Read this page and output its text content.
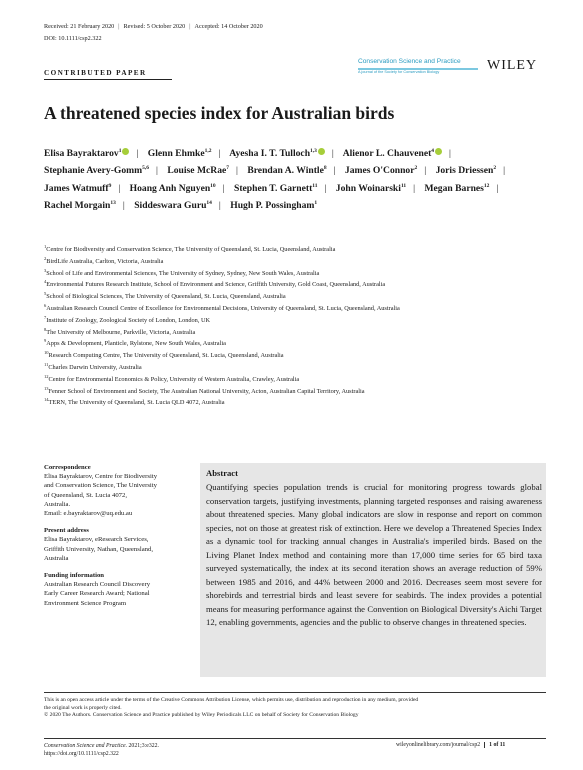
Received: 21 February 2020 | Revised: 5 October 2020 | Accepted: 14 October 2020
DOI: 10.1111/csp2.322
CONTRIBUTED PAPER
Conservation Science and Practice
A journal of the Society for Conservation Biology	WILEY
A threatened species index for Australian birds
Elisa Bayraktarov$^1$ | Glenn Ehmke$^{1,2}$ | Ayesha I. T. Tulloch$^{1,3}$ | Alienor L. Chauvenet$^4$ | Stephanie Avery-Gomm$^{5,6}$ | Louise McRae$^7$ | Brendan A. Wintle$^8$ | James O'Connor$^2$ | Joris Driessen$^2$ | James Watmuff$^9$ | Hoang Anh Nguyen$^{10}$ | Stephen T. Garnett$^{11}$ | John Woinarski$^{11}$ | Megan Barnes$^{12}$ | Rachel Morgain$^{13}$ | Siddeswara Guru$^{14}$ | Hugh P. Possingham$^1$
$^1$Centre for Biodiversity and Conservation Science, The University of Queensland, St. Lucia, Queensland, Australia
$^2$BirdLife Australia, Carlton, Victoria, Australia
$^3$School of Life and Environmental Sciences, The University of Sydney, Sydney, New South Wales, Australia
$^4$Environmental Futures Research Institute, School of Environment and Science, Griffith University, Gold Coast, Queensland, Australia
$^5$School of Biological Sciences, The University of Queensland, St. Lucia, Queensland, Australia
$^6$Australian Research Council Centre of Excellence for Environmental Decisions, University of Queensland, St. Lucia, Queensland, Australia
$^7$Institute of Zoology, Zoological Society of London, London, UK
$^8$The University of Melbourne, Parkville, Victoria, Australia
$^9$Apps & Development, Planticle, Rylstone, New South Wales, Australia
$^{10}$Research Computing Centre, The University of Queensland, St. Lucia, Queensland, Australia
$^{11}$Charles Darwin University, Australia
$^{12}$Centre for Environmental Economics & Policy, University of Western Australia, Crawley, Australia
$^{13}$Fenner School of Environment and Society, The Australian National University, Acton, Australian Capital Territory, Australia
$^{14}$TERN, The University of Queensland, St. Lucia QLD 4072, Australia
Correspondence
Elisa Bayraktarov, Centre for Biodiversity
and Conservation Science, The University
of Queensland, St. Lucia 4072,
Australia.
Email: e.bayraktarov@uq.edu.au
Present address
Elisa Bayraktarov, eResearch Services,
Griffith University, Nathan, Queensland,
Australia
Funding information
Australian Research Council Discovery
Early Career Research Award; National
Environment Science Program
Abstract
Quantifying species population trends is crucial for monitoring progress towards global conservation targets, justifying investments, planning targeted responses and raising awareness about threatened species. Many global indicators are slow in response and report on common species, not on those at greatest risk of extinction. Here we develop a Threatened Species Index as a dynamic tool for tracking annual changes in Australia's imperiled birds. Based on the Living Planet Index method and containing more than 17,000 time series for 65 bird taxa surveyed systematically, the index at its second iteration shows an average reduction of 59% between 1985 and 2016, and 44% between 2000 and 2016. Decreases seem most severe for shorebirds and terrestrial birds and least severe for seabirds. The index provides a potential means for measuring performance against the Convention on Biological Diversity's Aichi Target 12, enabling governments, agencies and the public to observe changes in threatened species.
This is an open access article under the terms of the Creative Commons Attribution License, which permits use, distribution and reproduction in any medium, provided
the original work is properly cited.
© 2020 The Authors. Conservation Science and Practice published by Wiley Periodicals LLC on behalf of Society for Conservation Biology
Conservation Science and Practice. 2021;3:e322.
https://doi.org/10.1111/csp2.322
wileyonlinelibrary.com/journal/csp2 1 of 11
